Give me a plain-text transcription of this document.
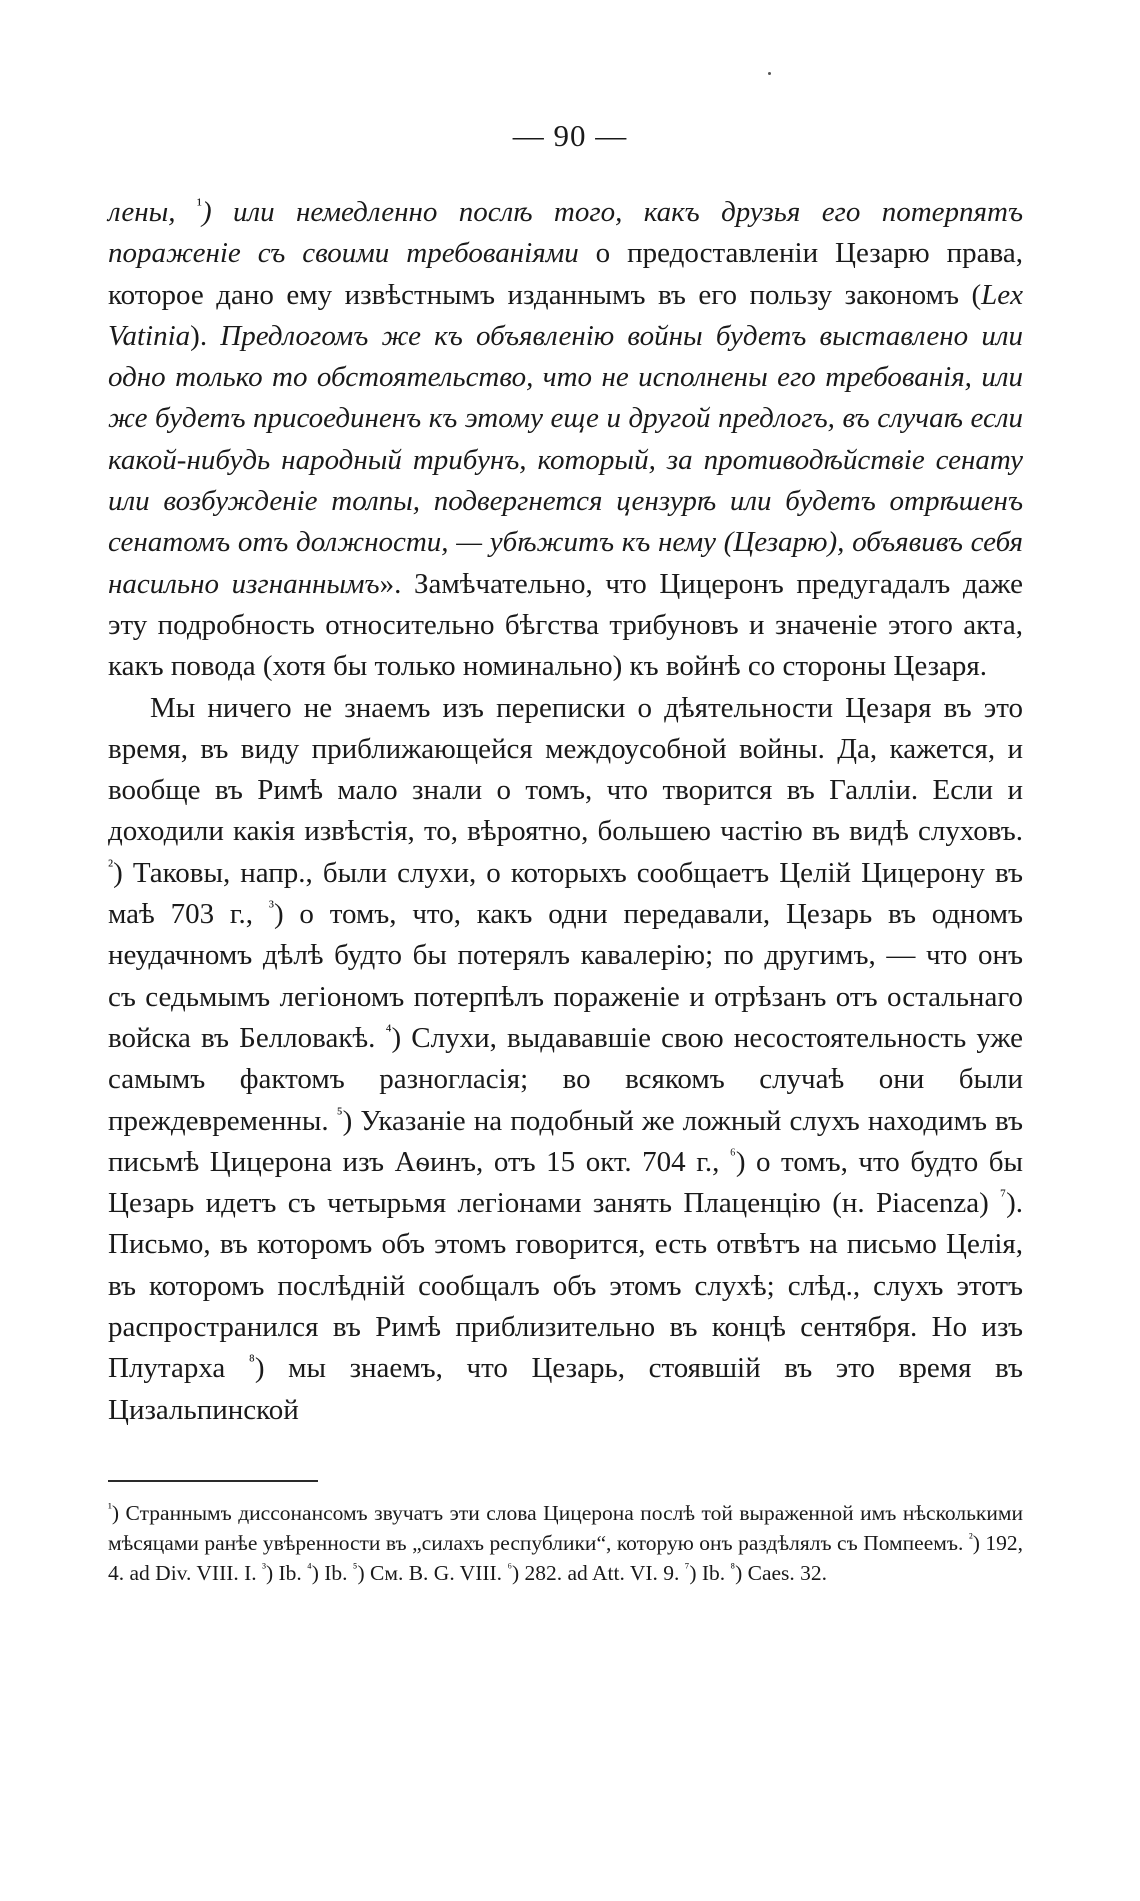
— 90 —

лены, $^{^1}$) или немедленно послѣ того, какъ друзья его потерпятъ пораженіе съ своими требованіями о предоставленіи Цезарю права, которое дано ему извѣстнымъ изданнымъ въ его пользу закономъ (Lex Vatinia). Предлогомъ же къ объявленію войны будетъ выставлено или одно только то обстоятельство, что не исполнены его требованія, или же будетъ присоединенъ къ этому еще и другой предлогъ, въ случаѣ если какой-нибудь народный трибунъ, который, за противодѣйствіе сенату или возбужденіе толпы, подвергнется цензурѣ или будетъ отрѣшенъ сенатомъ отъ должности, — убѣжитъ къ нему (Цезарю), объявивъ себя насильно изгнаннымъ». Замѣчательно, что Цицеронъ предугадалъ даже эту подробность относительно бѣгства трибуновъ и значеніе этого акта, какъ повода (хотя бы только номинально) къ войнѣ со стороны Цезаря.

Мы ничего не знаемъ изъ переписки о дѣятельности Цезаря въ это время, въ виду приближающейся междоусобной войны. Да, кажется, и вообще въ Римѣ мало знали о томъ, что творится въ Галліи. Если и доходили какія извѣстія, то, вѣроятно, большею частію въ видѣ слуховъ. $^{^2}$) Таковы, напр., были слухи, о которыхъ сообщаетъ Целій Цицерону въ маѣ 703 г., $^{^3}$) о томъ, что, какъ одни передавали, Цезарь въ одномъ неудачномъ дѣлѣ будто бы потерялъ кавалерію; по другимъ, — что онъ съ седьмымъ легіономъ потерпѣлъ пораженіе и отрѣзанъ отъ остальнаго войска въ Белловакѣ. $^{^4}$) Слухи, выдававшіе свою несостоятельность уже самымъ фактомъ разногласія; во всякомъ случаѣ они были преждевременны. $^{^5}$) Указаніе на подобный же ложный слухъ находимъ въ письмѣ Цицерона изъ Аѳинъ, отъ 15 окт. 704 г., $^{^6}$) о томъ, что будто бы Цезарь идетъ съ четырьмя легіонами занять Плаценцію (н. Piacenza) $^{^7}$). Письмо, въ которомъ объ этомъ говорится, есть отвѣтъ на письмо Целія, въ которомъ послѣдній сообщалъ объ этомъ слухѣ; слѣд., слухъ этотъ распространился въ Римѣ приблизительно въ концѣ сентября. Но изъ Плутарха $^{^8}$) мы знаемъ, что Цезарь, стоявшій въ это время въ Цизальпинской

$^{^1}$) Страннымъ диссонансомъ звучатъ эти слова Цицерона послѣ той выраженной имъ нѣсколькими мѣсяцами ранѣе увѣренности въ „силахъ республики“, которую онъ раздѣлялъ съ Помпеемъ. $^{^2}$) 192, 4. ad Div. VIII. I. $^{^3}$) Ib. $^{^4}$) Ib. $^{^5}$) См. B. G. VIII. $^{^6}$) 282. ad Att. VI. 9. $^{^7}$) Ib. $^{^8}$) Caes. 32.
